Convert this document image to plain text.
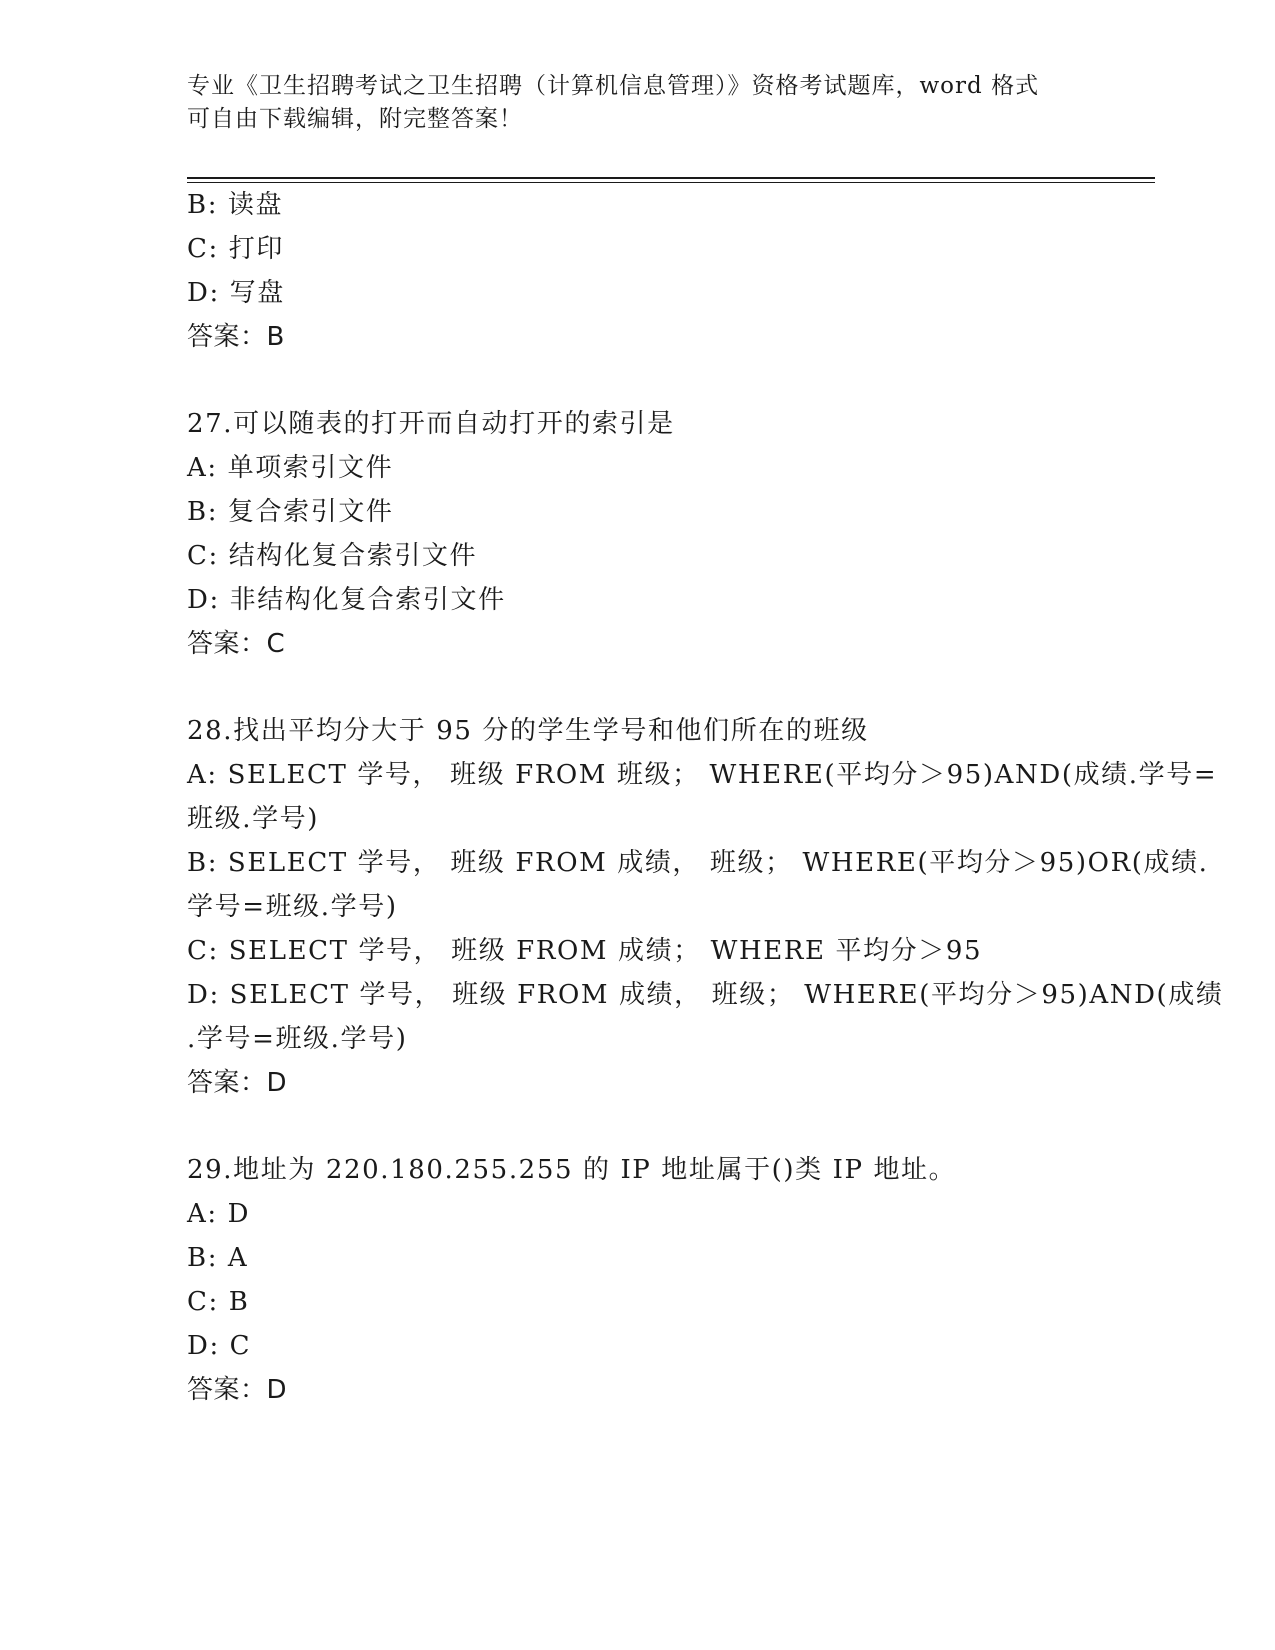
专业《卫生招聘考试之卫生招聘（计算机信息管理）》资格考试题库，word 格式
可自由下载编辑，附完整答案！
B: 读盘
C: 打印
D: 写盘
答案：B
27.可以随表的打开而自动打开的索引是
A: 单项索引文件
B: 复合索引文件
C: 结构化复合索引文件
D: 非结构化复合索引文件
答案：C
28.找出平均分大于 95 分的学生学号和他们所在的班级
A: SELECT 学号， 班级 FROM 班级； WHERE(平均分＞95)AND(成绩.学号=
班级.学号)
B: SELECT 学号， 班级 FROM 成绩， 班级； WHERE(平均分＞95)OR(成绩.
学号=班级.学号)
C: SELECT 学号， 班级 FROM 成绩； WHERE 平均分＞95
D: SELECT 学号， 班级 FROM 成绩， 班级； WHERE(平均分＞95)AND(成绩
.学号=班级.学号)
答案：D
29.地址为 220.180.255.255 的 IP 地址属于()类 IP 地址。
A: D
B: A
C: B
D: C
答案：D
